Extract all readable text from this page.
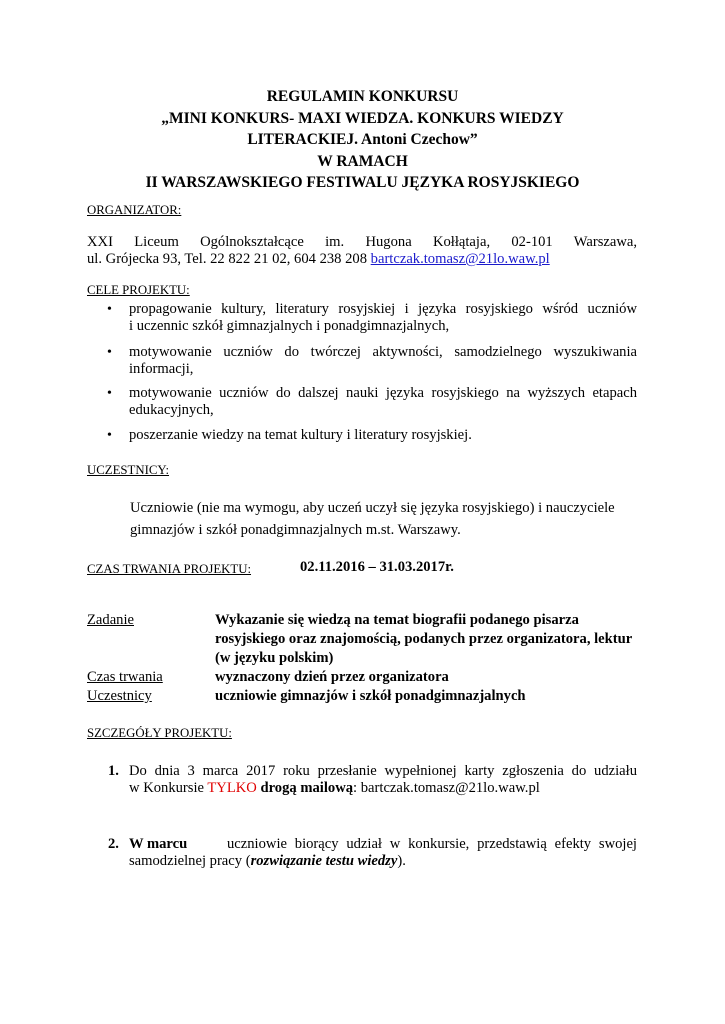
REGULAMIN KONKURSU
„MINI KONKURS- MAXI WIEDZA. KONKURS WIEDZY
LITERACKIEJ. Antoni Czechow”
W RAMACH
II WARSZAWSKIEGO FESTIWALU JĘZYKA ROSYJSKIEGO
ORGANIZATOR:
XXI Liceum Ogólnokształcące im. Hugona Kołłątaja, 02-101 Warszawa,
ul. Grójecka 93, Tel. 22 822 21 02, 604 238 208 bartczak.tomasz@21lo.waw.pl
CELE PROJEKTU:
• propagowanie kultury, literatury rosyjskiej i języka rosyjskiego wśród uczniów
i uczennic szkół gimnazjalnych i ponadgimnazjalnych,
• motywowanie uczniów do twórczej aktywności, samodzielnego wyszukiwania
informacji,
• motywowanie uczniów do dalszej nauki języka rosyjskiego na wyższych etapach
edukacyjnych,
• poszerzanie wiedzy na temat kultury i literatury rosyjskiej.
UCZESTNICY:
Uczniowie (nie ma wymogu, aby uczeń uczył się języka rosyjskiego) i nauczyciele
gimnazjów i szkół ponadgimnazjalnych m.st. Warszawy.
CZAS TRWANIA PROJEKTU:	02.11.2016 – 31.03.2017r.
Zadanie	Wykazanie się wiedzą na temat biografii podanego pisarza
rosyjskiego oraz znajomością, podanych przez organizatora, lektur
(w języku polskim)
Czas trwania	wyznaczony dzień przez organizatora
Uczestnicy	uczniowie gimnazjów i szkół ponadgimnazjalnych
SZCZEGÓŁY PROJEKTU:
1. Do dnia 3 marca 2017 roku przesłanie wypełnionej karty zgłoszenia do udziału
w Konkursie TYLKO drogą mailową: bartczak.tomasz@21lo.waw.pl
2. W marcu	uczniowie biorący udział w konkursie, przedstawią efekty swojej
samodzielnej pracy (rozwiązanie testu wiedzy).
